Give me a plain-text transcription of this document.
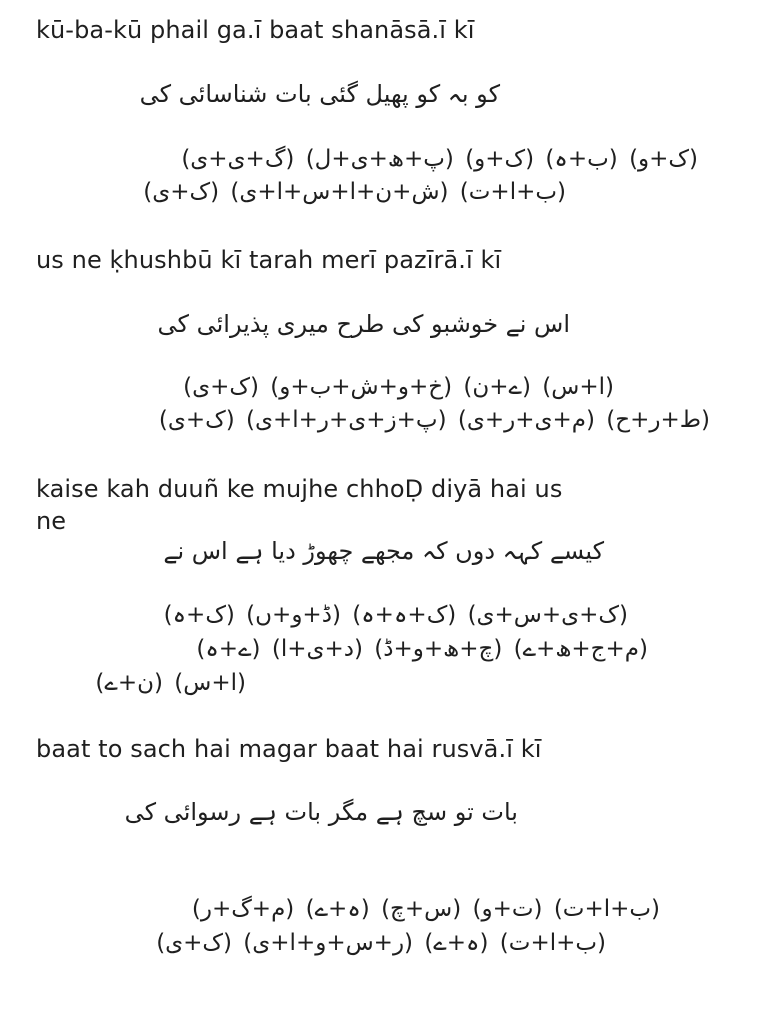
kū-ba-kū phail ga.ī baat shanāsā.ī kī

کو بہ کو پھیل گئی بات شناسائی کی

(ک+و) (ب+ہ) (ک+و) (پ+ھ+ی+ل) (گ+ی+ی)

(ب+ا+ت) (ش+ن+ا+س+ا+ی) (ک+ی)

us ne ḳhushbū kī tarah merī pazīrā.ī kī

اس نے خوشبو کی طرح میری پذیرائی کی

(ا+س) (ے+ن) (خ+و+ش+ب+و) (ک+ی)

(ط+ر+ح) (م+ی+ر+ی) (پ+ز+ی+ر+ا+ی) (ک+ی)

kaise kah duuñ ke mujhe chhoḌ diyā hai us

ne

کیسے کہہ دوں کہ مجھے چھوڑ دیا ہے اس نے

(ک+ی+س+ی) (ک+ہ+ہ) (ڈ+و+ں) (ک+ہ)

(م+ج+ھ+ے) (چ+ھ+و+ڈ) (د+ی+ا) (ے+ہ)

(ا+س) (ن+ے)

baat to sach hai magar baat hai rusvā.ī kī

بات تو سچ ہے مگر بات ہے رسوائی کی

(ب+ا+ت) (ت+و) (س+چ) (ہ+ے) (م+گ+ر)

(ب+ا+ت) (ہ+ے) (ر+س+و+ا+ی) (ک+ی)
